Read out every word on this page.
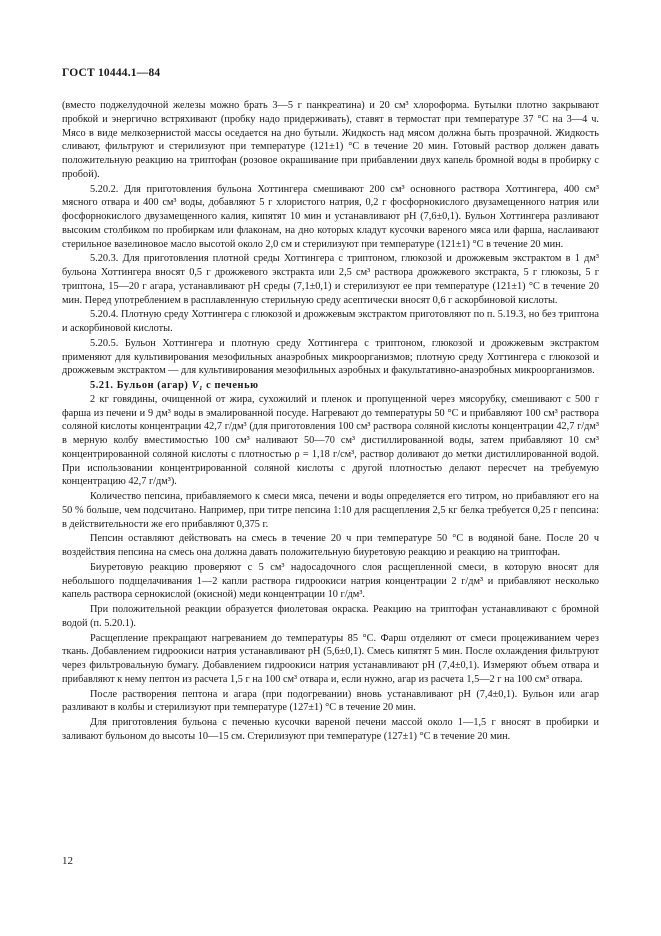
ГОСТ 10444.1—84

(вместо поджелудочной железы можно брать 3—5 г панкреатина) и 20 см³ хлороформа. Бутылки плотно закрывают пробкой и энергично встряхивают (пробку надо придерживать), ставят в термостат при температуре 37 °С на 3—4 ч. Мясо в виде мелкозернистой массы оседается на дно бутыли. Жидкость над мясом должна быть прозрачной. Жидкость сливают, фильтруют и стерилизуют при температуре (121±1) °С в течение 20 мин. Готовый раствор должен давать положительную реакцию на триптофан (розовое окрашивание при прибавлении двух капель бромной воды в пробирку с пробой).

5.20.2. Для приготовления бульона Хоттингера смешивают 200 см³ основного раствора Хоттингера, 400 см³ мясного отвара и 400 см³ воды, добавляют 5 г хлористого натрия, 0,2 г фосфорнокислого двузамещенного натрия или фосфорнокислого двузамещенного калия, кипятят 10 мин и устанавливают рН (7,6±0,1). Бульон Хоттингера разливают высоким столбиком по пробиркам или флаконам, на дно которых кладут кусочки вареного мяса или фарша, наслаивают стерильное вазелиновое масло высотой около 2,0 см и стерилизуют при температуре (121±1) °С в течение 20 мин.

5.20.3. Для приготовления плотной среды Хоттингера с триптоном, глюкозой и дрожжевым экстрактом в 1 дм³ бульона Хоттингера вносят 0,5 г дрожжевого экстракта или 2,5 см³ раствора дрожжевого экстракта, 5 г глюкозы, 5 г триптона, 15—20 г агара, устанавливают рН среды (7,1±0,1) и стерилизуют ее при температуре (121±1) °С в течение 20 мин. Перед употреблением в расплавленную стерильную среду асептически вносят 0,6 г аскорбиновой кислоты.

5.20.4. Плотную среду Хоттингера с глюкозой и дрожжевым экстрактом приготовляют по п. 5.19.3, но без триптона и аскорбиновой кислоты.

5.20.5. Бульон Хоттингера и плотную среду Хоттингера с триптоном, глюкозой и дрожжевым экстрактом применяют для культивирования мезофильных анаэробных микроорганизмов; плотную среду Хоттингера с глюкозой и дрожжевым экстрактом — для культивирования мезофильных аэробных и факультативно-анаэробных микроорганизмов.

5.21. Бульон (агар) $V_1$ с печенью

2 кг говядины, очищенной от жира, сухожилий и пленок и пропущенной через мясорубку, смешивают с 500 г фарша из печени и 9 дм³ воды в эмалированной посуде. Нагревают до температуры 50 °С и прибавляют 100 см³ раствора соляной кислоты концентрации 42,7 г/дм³ (для приготовления 100 см³ раствора соляной кислоты концентрации 42,7 г/дм³ в мерную колбу вместимостью 100 см³ наливают 50—70 см³ дистиллированной воды, затем прибавляют 10 см³ концентрированной соляной кислоты с плотностью ρ = 1,18 г/см³, раствор доливают до метки дистиллированной водой. При использовании концентрированной соляной кислоты с другой плотностью делают пересчет на требуемую концентрацию 42,7 г/дм³).

Количество пепсина, прибавляемого к смеси мяса, печени и воды определяется его титром, но прибавляют его на 50 % больше, чем подсчитано. Например, при титре пепсина 1:10 для расщепления 2,5 кг белка требуется 0,25 г пепсина: в действительности же его прибавляют 0,375 г.

Пепсин оставляют действовать на смесь в течение 20 ч при температуре 50 °С в водяной бане. После 20 ч воздействия пепсина на смесь она должна давать положительную биуретовую реакцию и реакцию на триптофан.

Биуретовую реакцию проверяют с 5 см³ надосадочного слоя расщепленной смеси, в которую вносят для небольшого подщелачивания 1—2 капли раствора гидроокиси натрия концентрации 2 г/дм³ и прибавляют несколько капель раствора сернокислой (окисной) меди концентрации 10 г/дм³.

При положительной реакции образуется фиолетовая окраска. Реакцию на триптофан устанавливают с бромной водой (п. 5.20.1).

Расщепление прекращают нагреванием до температуры 85 °С. Фарш отделяют от смеси процеживанием через ткань. Добавлением гидроокиси натрия устанавливают рН (5,6±0,1). Смесь кипятят 5 мин. После охлаждения фильтруют через фильтровальную бумагу. Добавлением гидроокиси натрия устанавливают рН (7,4±0,1). Измеряют объем отвара и прибавляют к нему пептон из расчета 1,5 г на 100 см³ отвара и, если нужно, агар из расчета 1,5—2 г на 100 см³ отвара.

После растворения пептона и агара (при подогревании) вновь устанавливают рН (7,4±0,1). Бульон или агар разливают в колбы и стерилизуют при температуре (127±1) °С в течение 20 мин.

Для приготовления бульона с печенью кусочки вареной печени массой около 1—1,5 г вносят в пробирки и заливают бульоном до высоты 10—15 см. Стерилизуют при температуре (127±1) °С в течение 20 мин.

12
